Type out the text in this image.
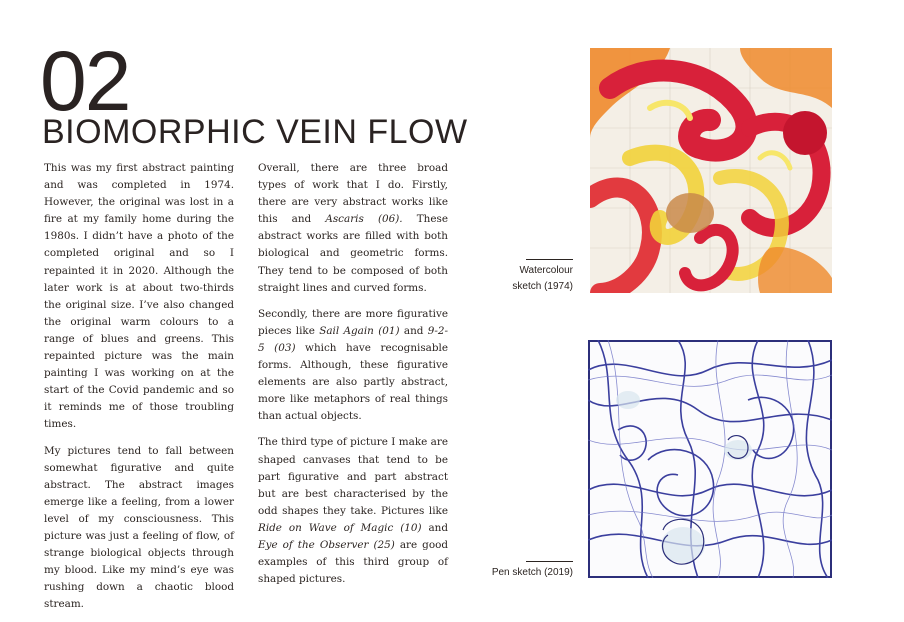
02
BIOMORPHIC VEIN FLOW

This was my first abstract painting and was completed in 1974. However, the original was lost in a fire at my family home during the 1980s. I didn’t have a photo of the completed original and so I repainted it in 2020. Although the later work is at about two-thirds the original size. I’ve also changed the original warm colours to a range of blues and greens. This repainted picture was the main painting I was working on at the start of the Covid pandemic and so it reminds me of those troubling times.

My pictures tend to fall between somewhat figurative and quite abstract. The abstract images emerge like a feeling, from a lower level of my consciousness. This picture was just a feeling of flow, of strange biological objects through my blood. Like my mind’s eye was rushing down a chaotic blood stream.

Overall, there are three broad types of work that I do. Firstly, there are very abstract works like this and Ascaris (06). These abstract works are filled with both biological and geometric forms. They tend to be composed of both straight lines and curved forms.

Secondly, there are more figurative pieces like Sail Again (01) and 9-2-5 (03) which have recognisable forms. Although, these figurative elements are also partly abstract, more like metaphors of real things than actual objects.

The third type of picture I make are shaped canvases that tend to be part figurative and part abstract but are best characterised by the odd shapes they take. Pictures like Ride on Wave of Magic (10) and Eye of the Observer (25) are good examples of this third group of shaped pictures.

Watercolour
sketch (1974)
Pen sketch (2019)
